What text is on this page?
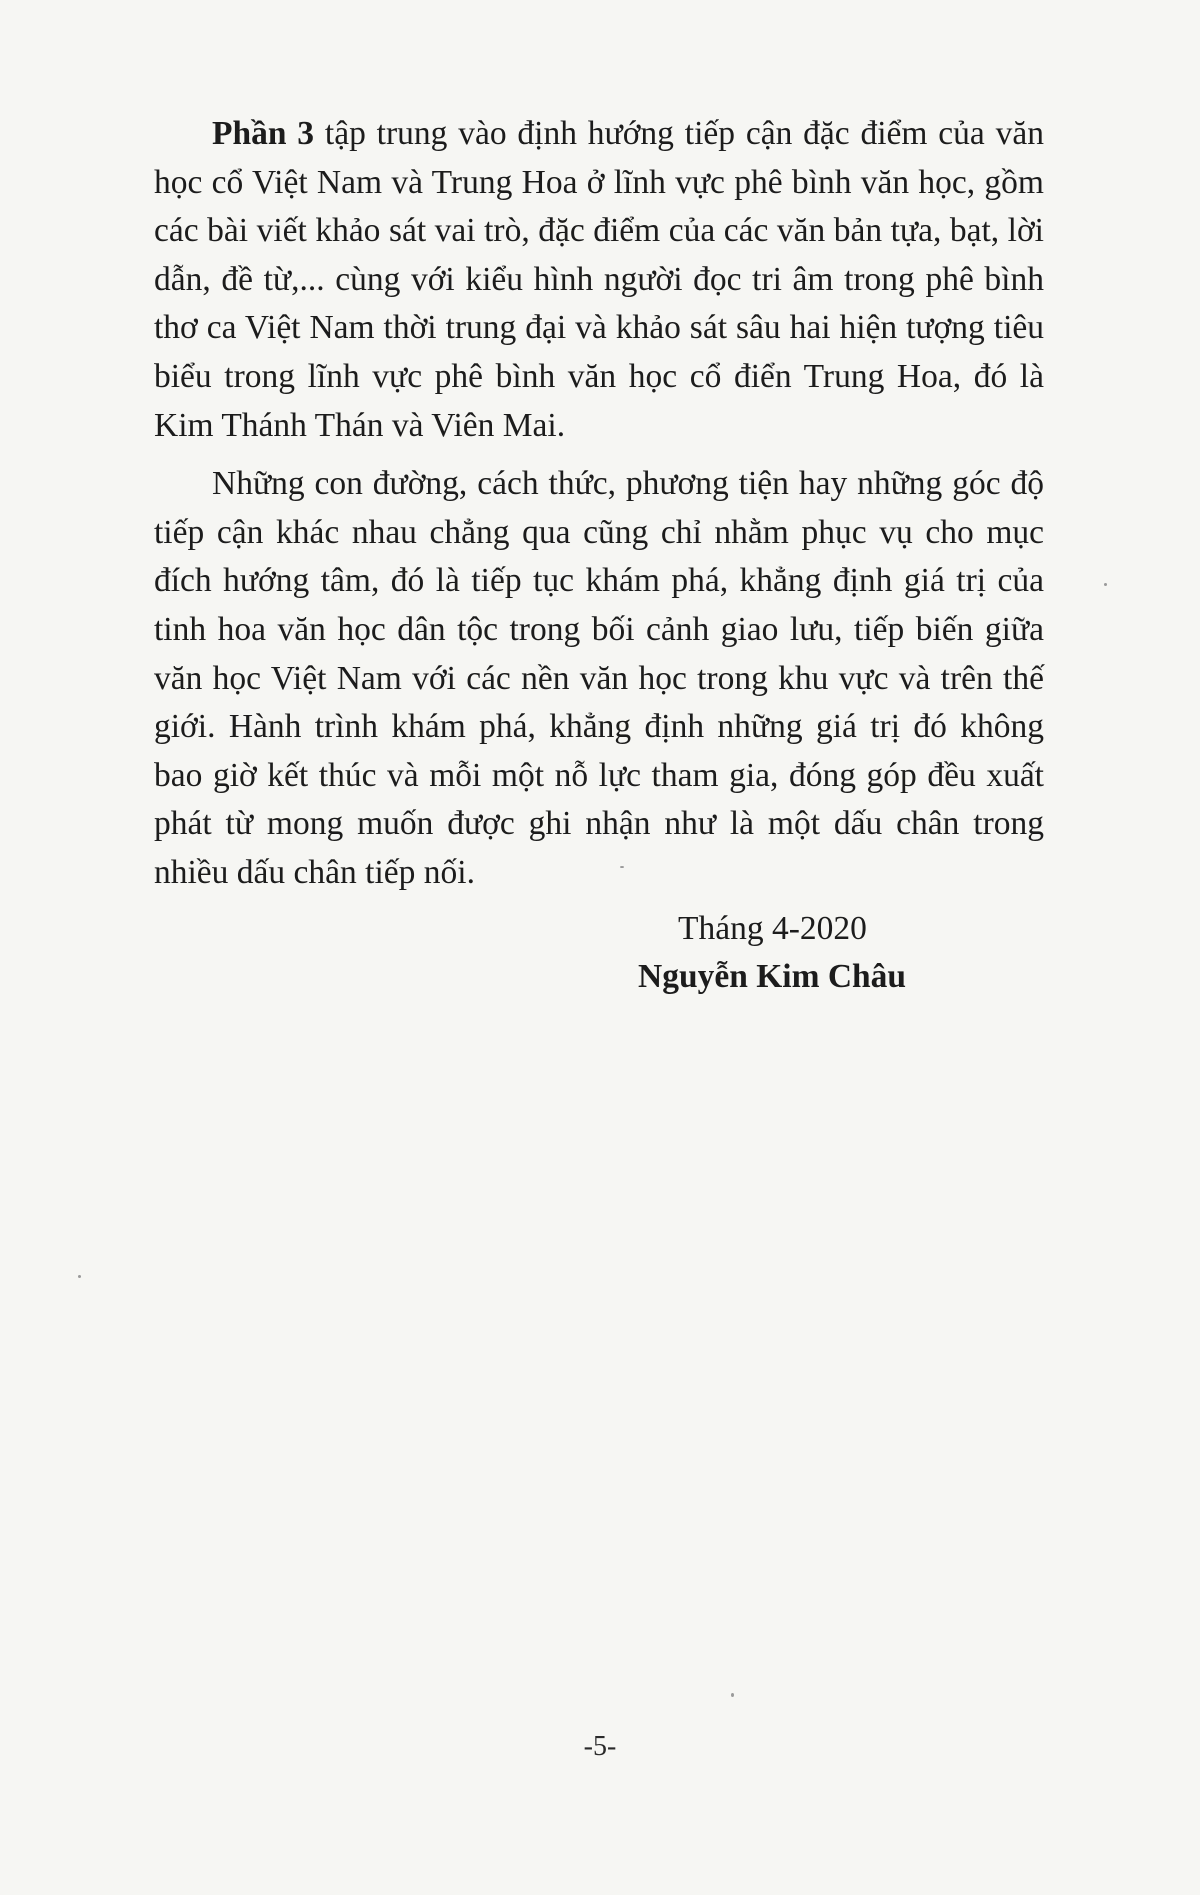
Phần 3 tập trung vào định hướng tiếp cận đặc điểm của văn học cổ Việt Nam và Trung Hoa ở lĩnh vực phê bình văn học, gồm các bài viết khảo sát vai trò, đặc điểm của các văn bản tựa, bạt, lời dẫn, đề từ,... cùng với kiểu hình người đọc tri âm trong phê bình thơ ca Việt Nam thời trung đại và khảo sát sâu hai hiện tượng tiêu biểu trong lĩnh vực phê bình văn học cổ điển Trung Hoa, đó là Kim Thánh Thán và Viên Mai.

Những con đường, cách thức, phương tiện hay những góc độ tiếp cận khác nhau chẳng qua cũng chỉ nhằm phục vụ cho mục đích hướng tâm, đó là tiếp tục khám phá, khẳng định giá trị của tinh hoa văn học dân tộc trong bối cảnh giao lưu, tiếp biến giữa văn học Việt Nam với các nền văn học trong khu vực và trên thế giới. Hành trình khám phá, khẳng định những giá trị đó không bao giờ kết thúc và mỗi một nỗ lực tham gia, đóng góp đều xuất phát từ mong muốn được ghi nhận như là một dấu chân trong nhiều dấu chân tiếp nối.

Tháng 4-2020
Nguyễn Kim Châu
-5-
